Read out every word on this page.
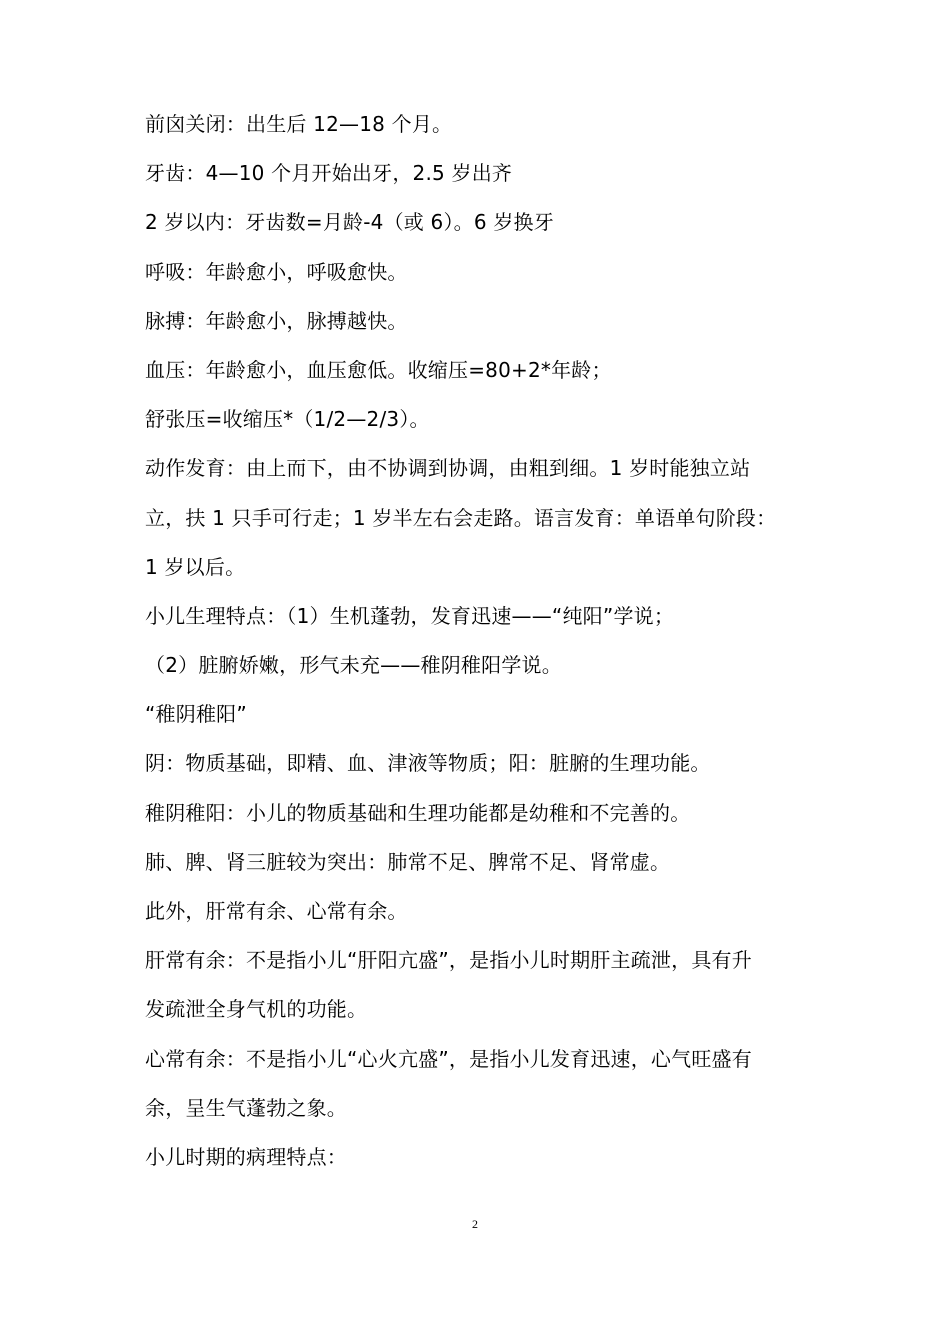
前囟关闭：出生后 12—18 个月。
牙齿：4—10 个月开始出牙，2.5 岁出齐
2 岁以内：牙齿数=月龄-4（或 6）。6 岁换牙
呼吸：年龄愈小，呼吸愈快。
脉搏：年龄愈小，脉搏越快。
血压：年龄愈小，血压愈低。收缩压=80+2*年龄；
舒张压=收缩压*（1/2—2/3）。
动作发育：由上而下，由不协调到协调，由粗到细。1 岁时能独立站
立，扶 1 只手可行走；1 岁半左右会走路。语言发育：单语单句阶段：
1 岁以后。
小儿生理特点：（1）生机蓬勃，发育迅速——“纯阳”学说；
（2）脏腑娇嫩，形气未充——稚阴稚阳学说。
“稚阴稚阳”
阴：物质基础，即精、血、津液等物质；阳：脏腑的生理功能。
稚阴稚阳：小儿的物质基础和生理功能都是幼稚和不完善的。
肺、脾、肾三脏较为突出：肺常不足、脾常不足、肾常虚。
此外，肝常有余、心常有余。
肝常有余：不是指小儿“肝阳亢盛”，是指小儿时期肝主疏泄，具有升
发疏泄全身气机的功能。
心常有余：不是指小儿“心火亢盛”，是指小儿发育迅速，心气旺盛有
余，呈生气蓬勃之象。
小儿时期的病理特点：
2
